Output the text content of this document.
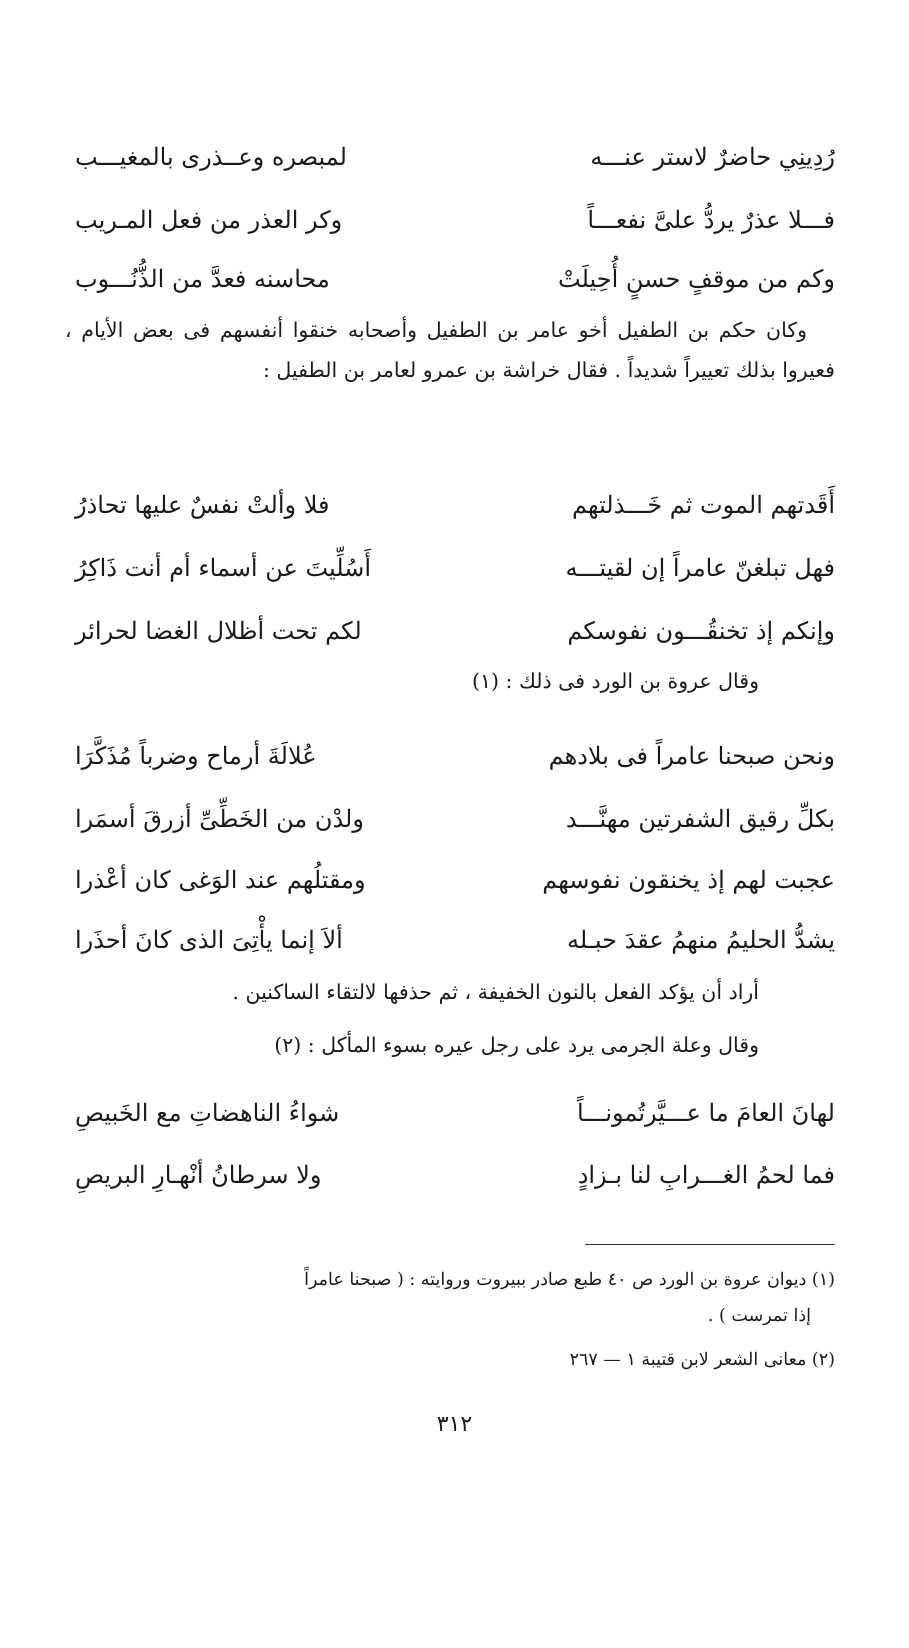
رُدِينِي حاضرٌ لاستر عنـــه
لمبصره وعــذرى بالمغيـــب
فـــلا عذرٌ يردُّ علىَّ نفعـــاً
وكر العذر من فعل المـريب
وكم من موقفٍ حسنٍ أُحِيلَتْ
محاسنه فعدَّ من الذُّنُـــوب
وكان حكم بن الطفيل أخو عامر بن الطفيل وأصحابه خنقوا أنفسهم فى بعض الأيام ، فعيروا بذلك تعييراً شديداً . فقال خراشة بن عمرو لعامر بن الطفيل :
أَقَدتهم الموت ثم خَـــذلتهم
فلا وألتْ نفسٌ عليها تحاذرُ
فهل تبلغنّ عامراً إن لقيتـــه
أَسُلِّيتَ عن أسماء أم أنت ذَاكِرُ
وإنكم إذ تخنقُـــون نفوسكم
لكم تحت أظلال الغضا لحرائر
وقال عروة بن الورد فى ذلك : (١)
ونحن صبحنا عامراً فى بلادهم
عُلالَةَ أرماح وضرباً مُذَكَّرَا
بكلِّ رقيق الشفرتين مهنَّـــد
ولدْن من الخَطِّىِّ أزرقَ أسمَرا
عجبت لهم إذ يخنقون نفوسهم
ومقتلُهم عند الوَغى كان أعْذرا
يشدُّ الحليمُ منهمُ عقدَ حبـله
ألاَ إنما يأْتِىَ الذى كانَ أحذَرا
أراد أن يؤكد الفعل بالنون الخفيفة ، ثم حذفها لالتقاء الساكنين .
وقال وعلة الجرمى يرد على رجل عيره بسوء المأكل : (٢)
لهانَ العامَ ما عـــيَّرتُمونـــاً
شواءُ الناهضاتِ مع الخَبيصِ
فما لحمُ الغـــرابِ لنا بـزادٍ
ولا سرطانُ أنْهـارِ البريصِ
(١) ديوان عروة بن الورد ص ٤٠ طبع صادر ببيروت وروايته : ( صبحنا عامراً
إذا تمرست ) .
(٢) معانى الشعر لابن قتيبة ١ — ٢٦٧
٣١٢
